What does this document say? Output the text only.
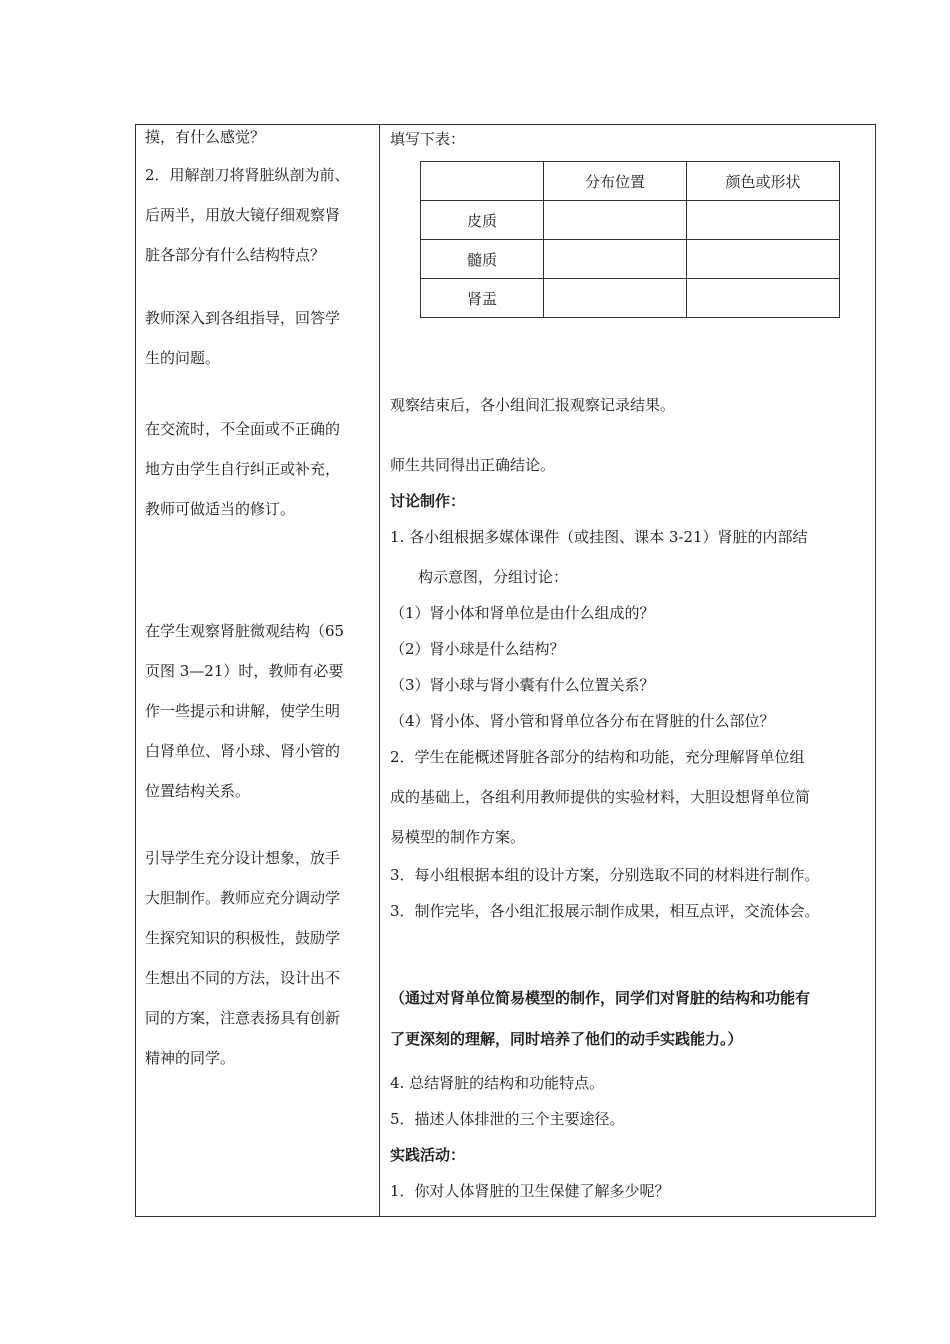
摸，有什么感觉？
2．用解剖刀将肾脏纵剖为前、
后两半，用放大镜仔细观察肾
脏各部分有什么结构特点？
教师深入到各组指导，回答学
生的问题。
在交流时，不全面或不正确的
地方由学生自行纠正或补充，
教师可做适当的修订。
在学生观察肾脏微观结构（65
页图 3—21）时，教师有必要
作一些提示和讲解，使学生明
白肾单位、肾小球、肾小管的
位置结构关系。
引导学生充分设计想象，放手
大胆制作。教师应充分调动学
生探究知识的积极性，鼓励学
生想出不同的方法，设计出不
同的方案，注意表扬具有创新
精神的同学。
填写下表：
	分布位置	颜色或形状
皮质		
髓质		
肾盂		
观察结束后，各小组间汇报观察记录结果。
师生共同得出正确结论。
讨论制作：
1. 各小组根据多媒体课件（或挂图、课本 3-21）肾脏的内部结
构示意图，分组讨论：
（1）肾小体和肾单位是由什么组成的？
（2）肾小球是什么结构？
（3）肾小球与肾小囊有什么位置关系？
（4）肾小体、肾小管和肾单位各分布在肾脏的什么部位？
2．学生在能概述肾脏各部分的结构和功能，充分理解肾单位组
成的基础上，各组利用教师提供的实验材料，大胆设想肾单位简
易模型的制作方案。
3．每小组根据本组的设计方案，分别选取不同的材料进行制作。
3．制作完毕，各小组汇报展示制作成果，相互点评，交流体会。
（通过对肾单位简易模型的制作，同学们对肾脏的结构和功能有
了更深刻的理解，同时培养了他们的动手实践能力。）
4. 总结肾脏的结构和功能特点。
5．描述人体排泄的三个主要途径。
实践活动：
1．你对人体肾脏的卫生保健了解多少呢？
